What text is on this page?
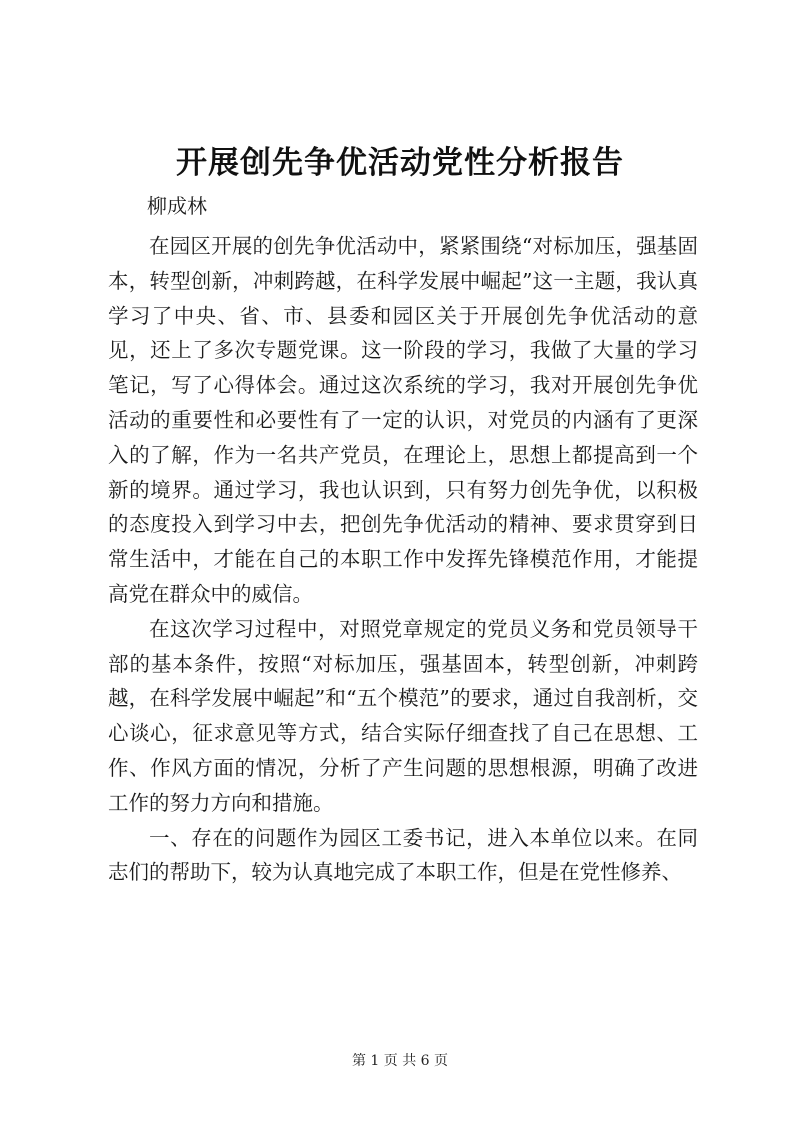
开展创先争优活动党性分析报告
柳成林

在园区开展的创先争优活动中，紧紧围绕“对标加压，强基固本，转型创新，冲刺跨越，在科学发展中崛起”这一主题，我认真学习了中央、省、市、县委和园区关于开展创先争优活动的意见，还上了多次专题党课。这一阶段的学习，我做了大量的学习笔记，写了心得体会。通过这次系统的学习，我对开展创先争优活动的重要性和必要性有了一定的认识，对党员的内涵有了更深入的了解，作为一名共产党员，在理论上，思想上都提高到一个新的境界。通过学习，我也认识到，只有努力创先争优，以积极的态度投入到学习中去，把创先争优活动的精神、要求贯穿到日常生活中，才能在自己的本职工作中发挥先锋模范作用，才能提高党在群众中的威信。

在这次学习过程中，对照党章规定的党员义务和党员领导干部的基本条件，按照“对标加压，强基固本，转型创新，冲刺跨越，在科学发展中崛起”和“五个模范”的要求，通过自我剖析，交心谈心，征求意见等方式，结合实际仔细查找了自己在思想、工作、作风方面的情况，分析了产生问题的思想根源，明确了改进工作的努力方向和措施。

一、存在的问题作为园区工委书记，进入本单位以来。在同志们的帮助下，较为认真地完成了本职工作，但是在党性修养、

第 1 页 共 6 页
